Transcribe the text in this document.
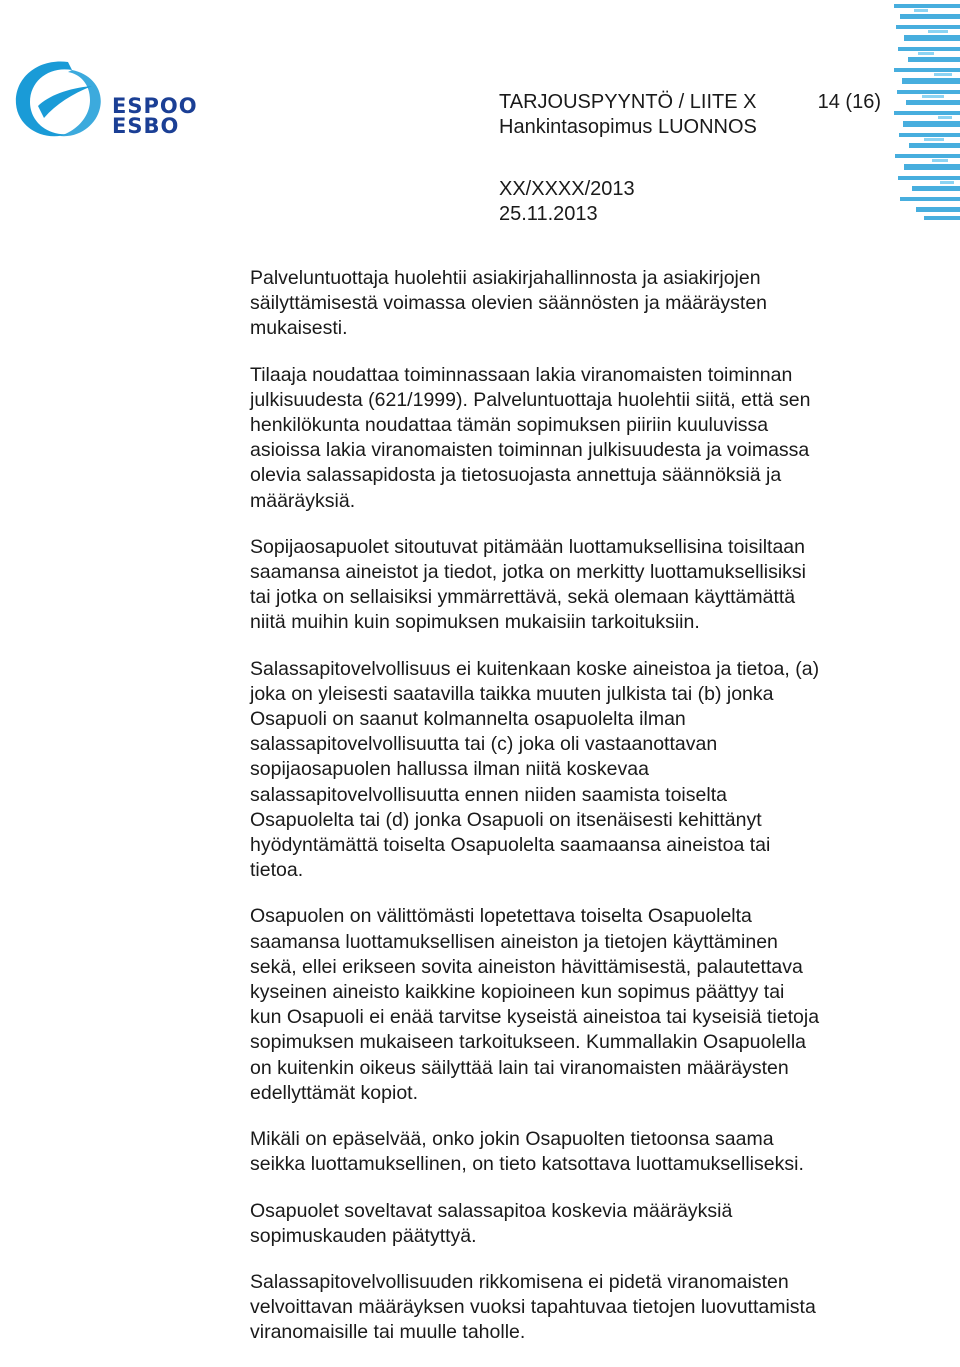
ESPOO
ESBO
TARJOUSPYYNTÖ / LIITE X	14 (16)
Hankintasopimus LUONNOS
XX/XXXX/2013
25.11.2013

Palveluntuottaja huolehtii asiakirjahallinnosta ja asiakirjojen
säilyttämisestä voimassa olevien säännösten ja määräysten
mukaisesti.

Tilaaja noudattaa toiminnassaan lakia viranomaisten toiminnan
julkisuudesta (621/1999). Palveluntuottaja huolehtii siitä, että sen
henkilökunta noudattaa tämän sopimuksen piiriin kuuluvissa
asioissa lakia viranomaisten toiminnan julkisuudesta ja voimassa
olevia salassapidosta ja tietosuojasta annettuja säännöksiä ja
määräyksiä.

Sopijaosapuolet sitoutuvat pitämään luottamuksellisina toisiltaan
saamansa aineistot ja tiedot, jotka on merkitty luottamuksellisiksi
tai jotka on sellaisiksi ymmärrettävä, sekä olemaan käyttämättä
niitä muihin kuin sopimuksen mukaisiin tarkoituksiin.

Salassapitovelvollisuus ei kuitenkaan koske aineistoa ja tietoa, (a)
joka on yleisesti saatavilla taikka muuten julkista tai (b) jonka
Osapuoli on saanut kolmannelta osapuolelta ilman
salassapitovelvollisuutta tai (c) joka oli vastaanottavan
sopijaosapuolen hallussa ilman niitä koskevaa
salassapitovelvollisuutta ennen niiden saamista toiselta
Osapuolelta tai (d) jonka Osapuoli on itsenäisesti kehittänyt
hyödyntämättä toiselta Osapuolelta saamaansa aineistoa tai
tietoa.

Osapuolen on välittömästi lopetettava toiselta Osapuolelta
saamansa luottamuksellisen aineiston ja tietojen käyttäminen
sekä, ellei erikseen sovita aineiston hävittämisestä, palautettava
kyseinen aineisto kaikkine kopioineen kun sopimus päättyy tai
kun Osapuoli ei enää tarvitse kyseistä aineistoa tai kyseisiä tietoja
sopimuksen mukaiseen tarkoitukseen. Kummallakin Osapuolella
on kuitenkin oikeus säilyttää lain tai viranomaisten määräysten
edellyttämät kopiot.

Mikäli on epäselvää, onko jokin Osapuolten tietoonsa saama
seikka luottamuksellinen, on tieto katsottava luottamukselliseksi.

Osapuolet soveltavat salassapitoa koskevia määräyksiä
sopimuskauden päätyttyä.

Salassapitovelvollisuuden rikkomisena ei pidetä viranomaisten
velvoittavan määräyksen vuoksi tapahtuvaa tietojen luovuttamista
viranomaisille tai muulle taholle.
